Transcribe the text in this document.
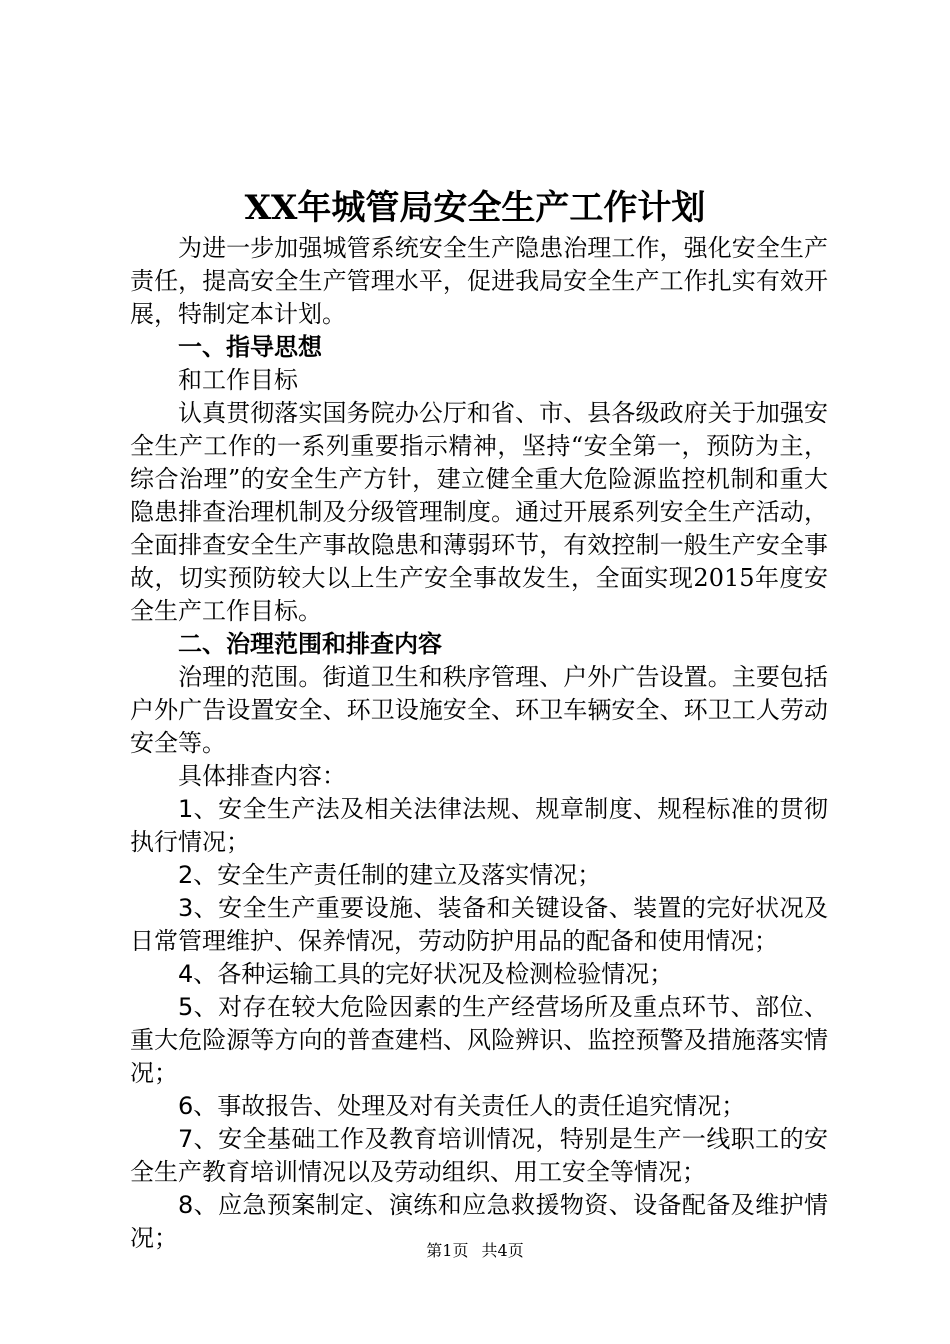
XX年城管局安全生产工作计划

为进一步加强城管系统安全生产隐患治理工作，强化安全生产责任，提高安全生产管理水平，促进我局安全生产工作扎实有效开展，特制定本计划。

一、指导思想

和工作目标

认真贯彻落实国务院办公厅和省、市、县各级政府关于加强安全生产工作的一系列重要指示精神，坚持“安全第一，预防为主，综合治理”的安全生产方针，建立健全重大危险源监控机制和重大隐患排查治理机制及分级管理制度。通过开展系列安全生产活动，全面排查安全生产事故隐患和薄弱环节，有效控制一般生产安全事故，切实预防较大以上生产安全事故发生，全面实现2015年度安全生产工作目标。

二、治理范围和排查内容

治理的范围。街道卫生和秩序管理、户外广告设置。主要包括户外广告设置安全、环卫设施安全、环卫车辆安全、环卫工人劳动安全等。

具体排查内容：

1、安全生产法及相关法律法规、规章制度、规程标准的贯彻执行情况；

2、安全生产责任制的建立及落实情况；

3、安全生产重要设施、装备和关键设备、装置的完好状况及日常管理维护、保养情况，劳动防护用品的配备和使用情况；

4、各种运输工具的完好状况及检测检验情况；

5、对存在较大危险因素的生产经营场所及重点环节、部位、重大危险源等方向的普查建档、风险辨识、监控预警及措施落实情况；

6、事故报告、处理及对有关责任人的责任追究情况；

7、安全基础工作及教育培训情况，特别是生产一线职工的安全生产教育培训情况以及劳动组织、用工安全等情况；

8、应急预案制定、演练和应急救援物资、设备配备及维护情况；	第1页 共4页
